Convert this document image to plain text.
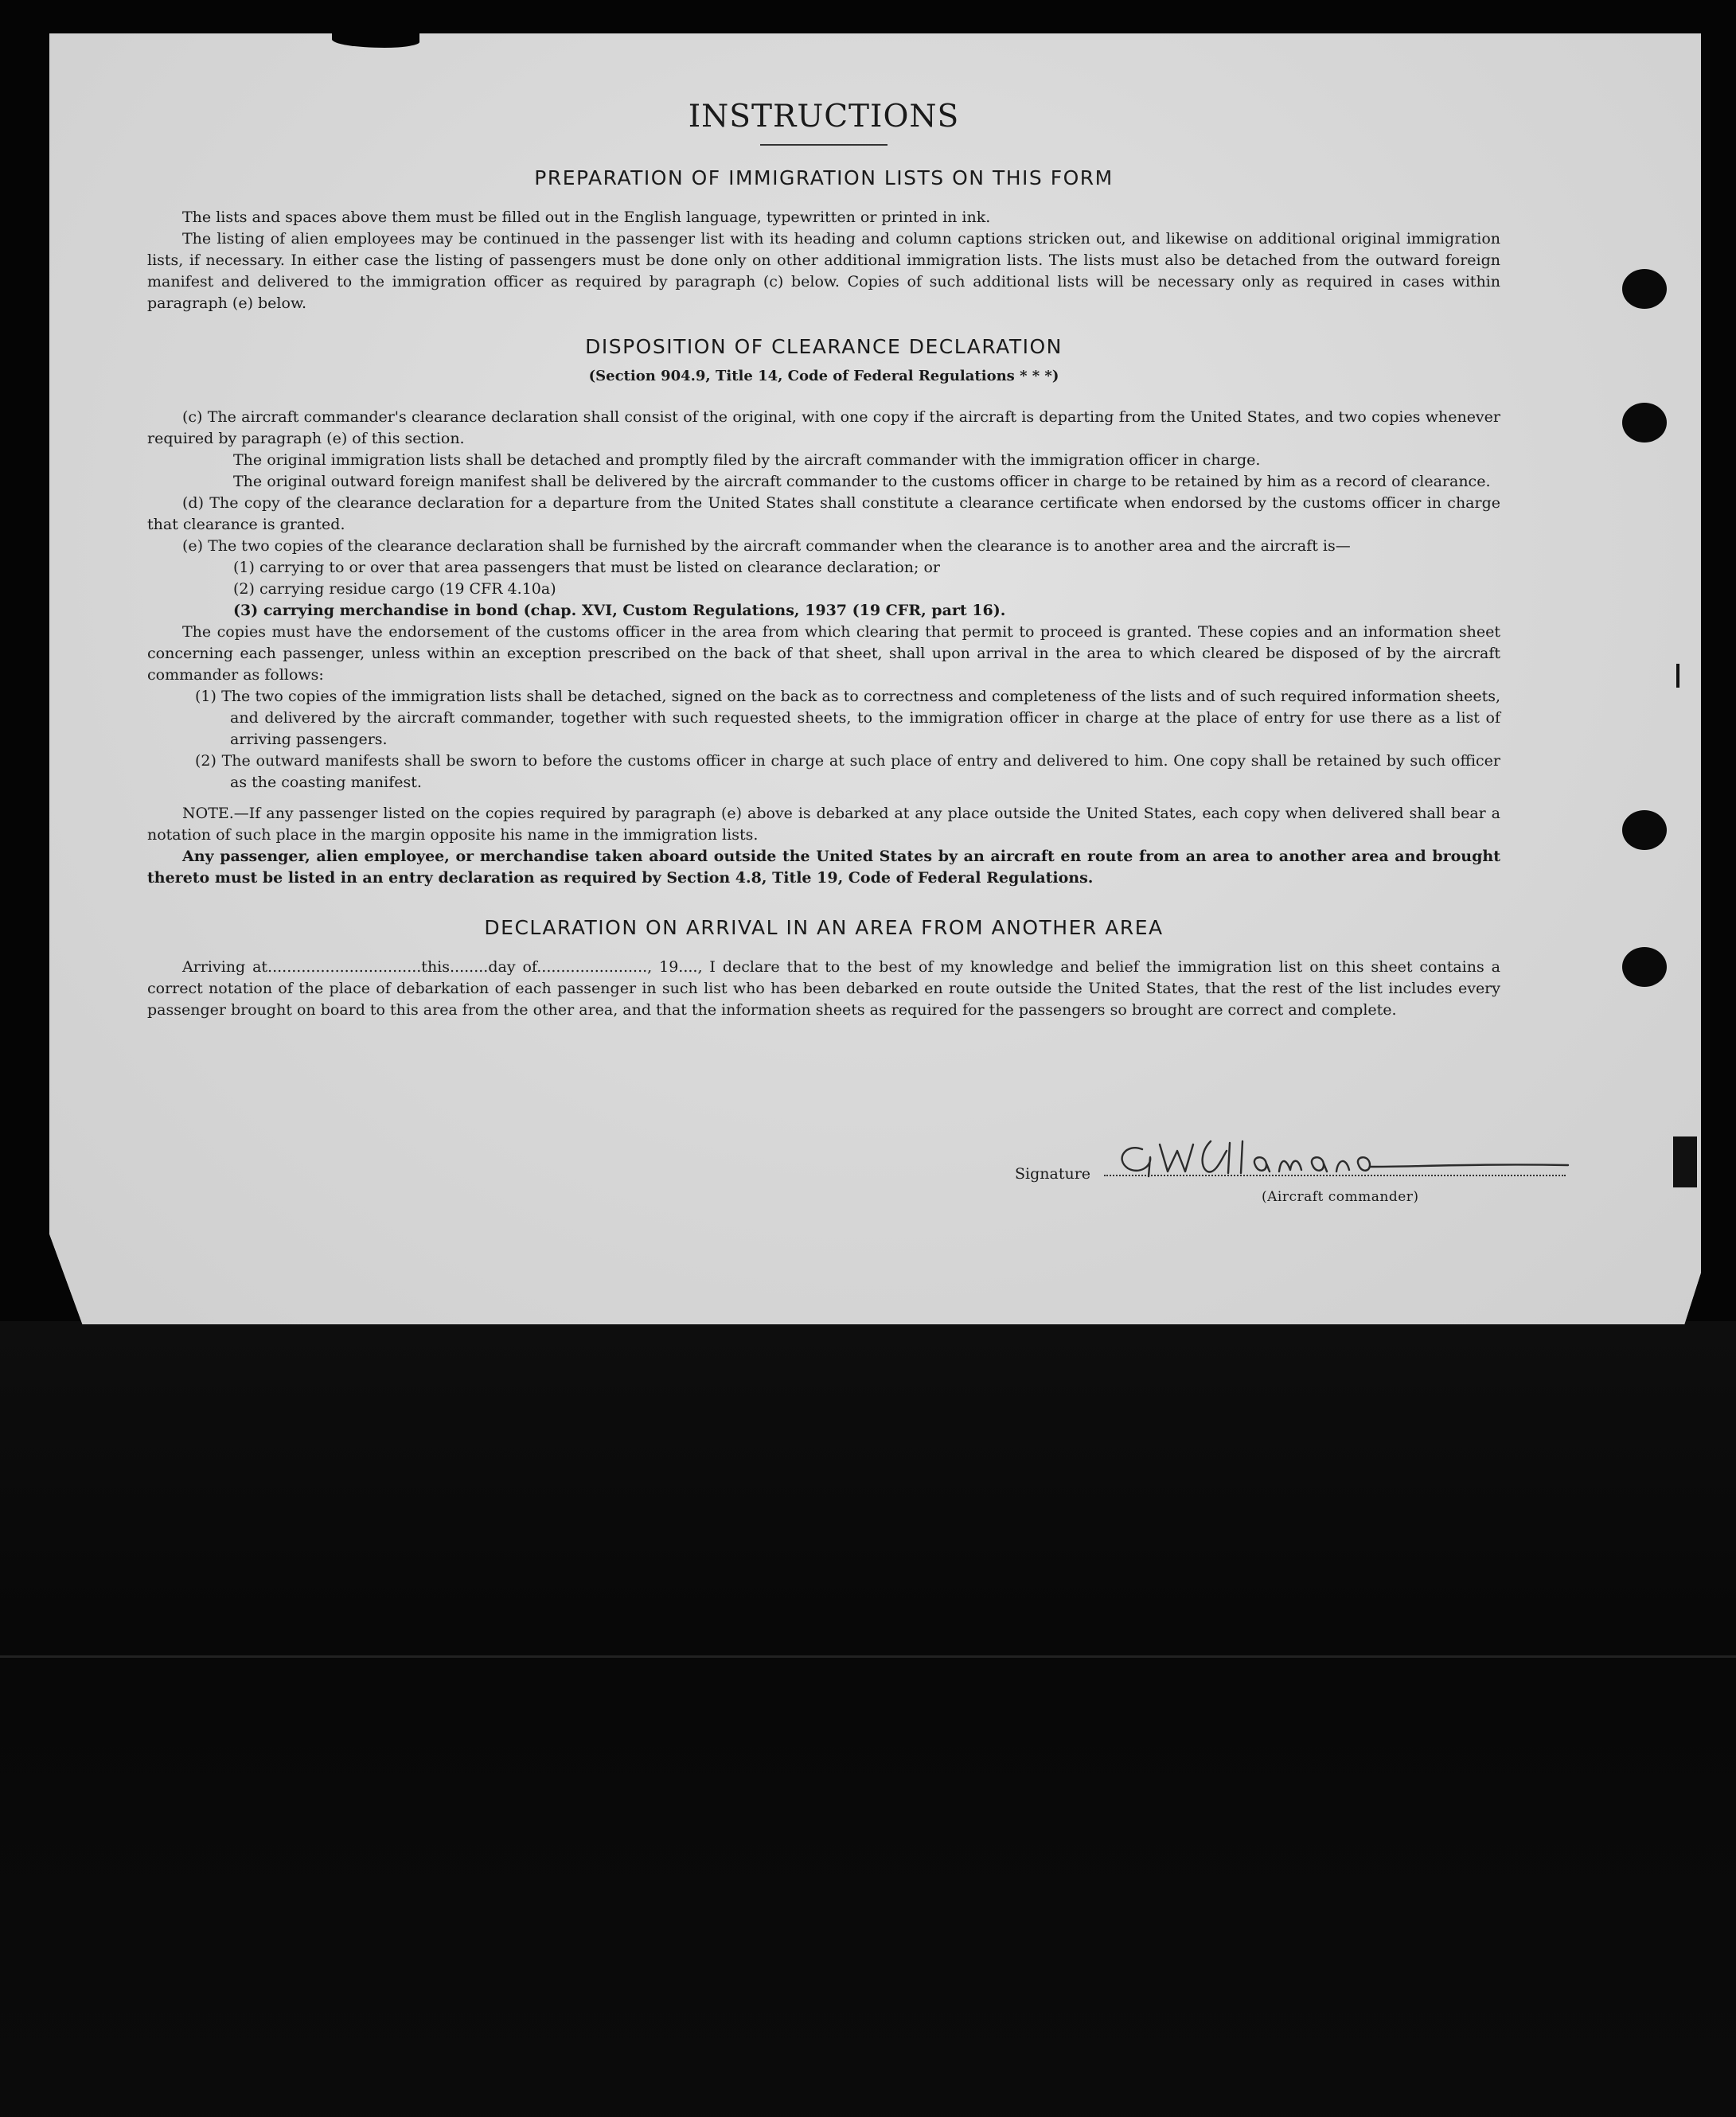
INSTRUCTIONS
PREPARATION OF IMMIGRATION LISTS ON THIS FORM

The lists and spaces above them must be filled out in the English language, typewritten or printed in ink.

The listing of alien employees may be continued in the passenger list with its heading and column captions stricken out, and likewise on additional original immigration lists, if necessary. In either case the listing of passengers must be done only on other additional immigration lists. The lists must also be detached from the outward foreign manifest and delivered to the immigration officer as required by paragraph (c) below. Copies of such additional lists will be necessary only as required in cases within paragraph (e) below.

DISPOSITION OF CLEARANCE DECLARATION

(Section 904.9, Title 14, Code of Federal Regulations * * *)

(c) The aircraft commander's clearance declaration shall consist of the original, with one copy if the aircraft is departing from the United States, and two copies whenever required by paragraph (e) of this section.

The original immigration lists shall be detached and promptly filed by the aircraft commander with the immigration officer in charge.

The original outward foreign manifest shall be delivered by the aircraft commander to the customs officer in charge to be retained by him as a record of clearance.

(d) The copy of the clearance declaration for a departure from the United States shall constitute a clearance certificate when endorsed by the customs officer in charge that clearance is granted.

(e) The two copies of the clearance declaration shall be furnished by the aircraft commander when the clearance is to another area and the aircraft is—

(1) carrying to or over that area passengers that must be listed on clearance declaration; or

(2) carrying residue cargo (19 CFR 4.10a)

(3) carrying merchandise in bond (chap. XVI, Custom Regulations, 1937 (19 CFR, part 16).

The copies must have the endorsement of the customs officer in the area from which clearing that permit to proceed is granted. These copies and an information sheet concerning each passenger, unless within an exception prescribed on the back of that sheet, shall upon arrival in the area to which cleared be disposed of by the aircraft commander as follows:

(1) The two copies of the immigration lists shall be detached, signed on the back as to correctness and completeness of the lists and of such required information sheets, and delivered by the aircraft commander, together with such requested sheets, to the immigration officer in charge at the place of entry for use there as a list of arriving passengers.

(2) The outward manifests shall be sworn to before the customs officer in charge at such place of entry and delivered to him. One copy shall be retained by such officer as the coasting manifest.

NOTE.—If any passenger listed on the copies required by paragraph (e) above is debarked at any place outside the United States, each copy when delivered shall bear a notation of such place in the margin opposite his name in the immigration lists.

Any passenger, alien employee, or merchandise taken aboard outside the United States by an aircraft en route from an area to another area and brought thereto must be listed in an entry declaration as required by Section 4.8, Title 19, Code of Federal Regulations.

DECLARATION ON ARRIVAL IN AN AREA FROM ANOTHER AREA

Arriving at................................this........day of......................., 19...., I declare that to the best of my knowledge and belief the immigration list on this sheet contains a correct notation of the place of debarkation of each passenger in such list who has been debarked en route outside the United States, that the rest of the list includes every passenger brought on board to this area from the other area, and that the information sheets as required for the passengers so brought are correct and complete.

Signature
(Aircraft commander)
